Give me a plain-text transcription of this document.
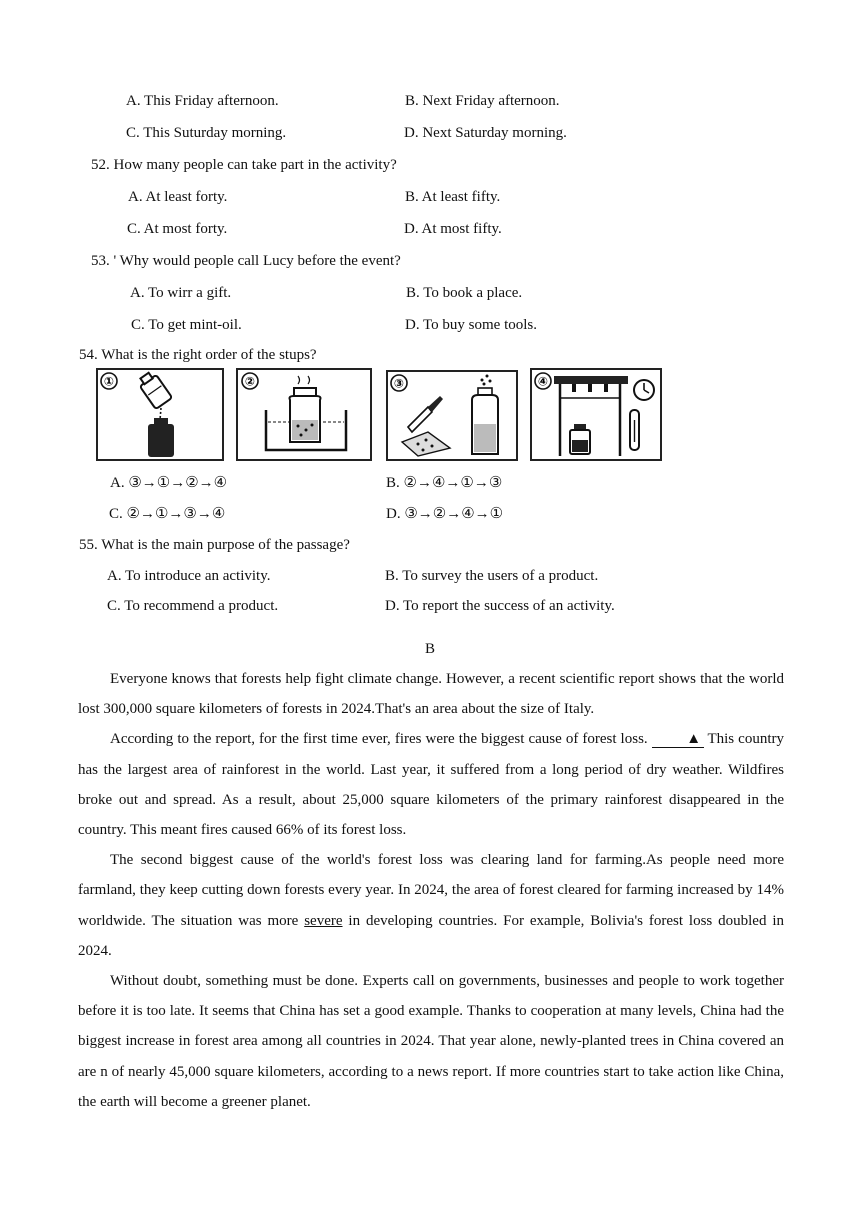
A. This Friday afternoon.	B. Next Friday afternoon.
C. This Suturday morning.	D. Next Saturday morning.
52. How many people can take part in the activity?
A. At least forty.	B. At least fifty.
C. At most forty.	D. At most fifty.
53. ' Why would people call Lucy before the event?
A. To wirr a gift.	B. To book a place.
C. To get mint-oil.	D. To buy some tools.
54. What is the right order of the stups?
①	②	③	④
A. ③→①→②→④	B. ②→④→①→③
C. ②→①→③→④	D. ③→②→④→①
55. What is the main purpose of the passage?
A. To introduce an activity.	B. To survey the users of a product.
C. To recommend a product.	D. To report the success of an activity.
B

Everyone knows that forests help fight climate change. However, a recent scientific report shows that the world lost 300,000 square kilometers of forests in 2024.That's an area about the size of Italy.

According to the report, for the first time ever, fires were the biggest cause of forest loss. ▲ This country has the largest area of rainforest in the world. Last year, it suffered from a long period of dry weather. Wildfires broke out and spread. As a result, about 25,000 square kilometers of the primary rainforest disappeared in the country. This meant fires caused 66% of its forest loss.

The second biggest cause of the world's forest loss was clearing land for farming.As people need more farmland, they keep cutting down forests every year. In 2024, the area of forest cleared for farming increased by 14% worldwide. The situation was more severe in developing countries. For example, Bolivia's forest loss doubled in 2024.

Without doubt, something must be done. Experts call on governments, businesses and people to work together before it is too late. It seems that China has set a good example. Thanks to cooperation at many levels, China had the biggest increase in forest area among all countries in 2024. That year alone, newly-planted trees in China covered an are n of nearly 45,000 square kilometers, according to a news report. If more countries start to take action like China, the earth will become a greener planet.
